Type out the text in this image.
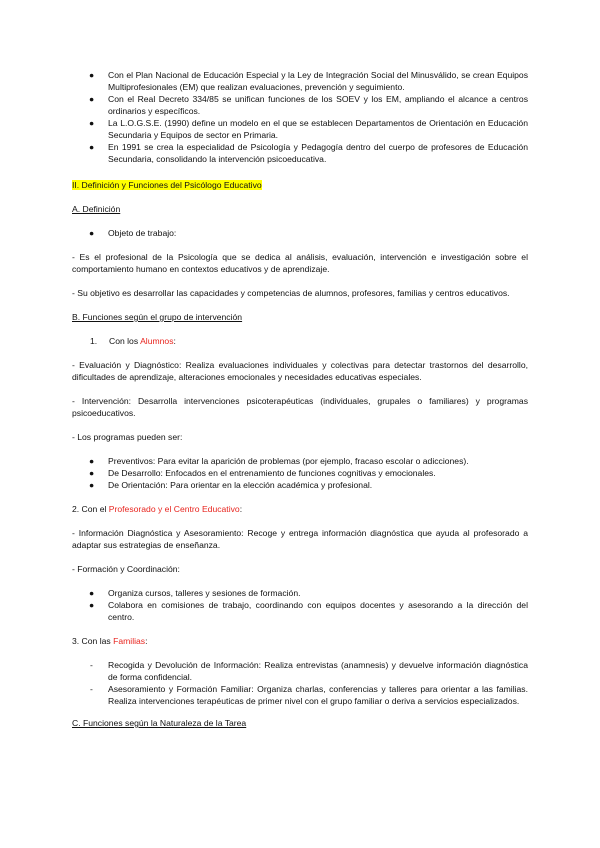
● Con el Plan Nacional de Educación Especial y la Ley de Integración Social del Minusválido, se crean Equipos Multiprofesionales (EM) que realizan evaluaciones, prevención y seguimiento.
● Con el Real Decreto 334/85 se unifican funciones de los SOEV y los EM, ampliando el alcance a centros ordinarios y específicos.
● La L.O.G.S.E. (1990) define un modelo en el que se establecen Departamentos de Orientación en Educación Secundaria y Equipos de sector en Primaria.
● En 1991 se crea la especialidad de Psicología y Pedagogía dentro del cuerpo de profesores de Educación Secundaria, consolidando la intervención psicoeducativa.

II. Definición y Funciones del Psicólogo Educativo

A. Definición

● Objeto de trabajo:

- Es el profesional de la Psicología que se dedica al análisis, evaluación, intervención e investigación sobre el comportamiento humano en contextos educativos y de aprendizaje.

- Su objetivo es desarrollar las capacidades y competencias de alumnos, profesores, familias y centros educativos.

B. Funciones según el grupo de intervención

1. Con los Alumnos:

- Evaluación y Diagnóstico: Realiza evaluaciones individuales y colectivas para detectar trastornos del desarrollo, dificultades de aprendizaje, alteraciones emocionales y necesidades educativas especiales.

- Intervención: Desarrolla intervenciones psicoterapéuticas (individuales, grupales o familiares) y programas psicoeducativos.

- Los programas pueden ser:

● Preventivos: Para evitar la aparición de problemas (por ejemplo, fracaso escolar o adicciones).
● De Desarrollo: Enfocados en el entrenamiento de funciones cognitivas y emocionales.
● De Orientación: Para orientar en la elección académica y profesional.

2. Con el Profesorado y el Centro Educativo:

- Información Diagnóstica y Asesoramiento: Recoge y entrega información diagnóstica que ayuda al profesorado a adaptar sus estrategias de enseñanza.

- Formación y Coordinación:

● Organiza cursos, talleres y sesiones de formación.
● Colabora en comisiones de trabajo, coordinando con equipos docentes y asesorando a la dirección del centro.

3. Con las Familias:

- Recogida y Devolución de Información: Realiza entrevistas (anamnesis) y devuelve información diagnóstica de forma confidencial.
- Asesoramiento y Formación Familiar: Organiza charlas, conferencias y talleres para orientar a las familias. Realiza intervenciones terapéuticas de primer nivel con el grupo familiar o deriva a servicios especializados.

C. Funciones según la Naturaleza de la Tarea
